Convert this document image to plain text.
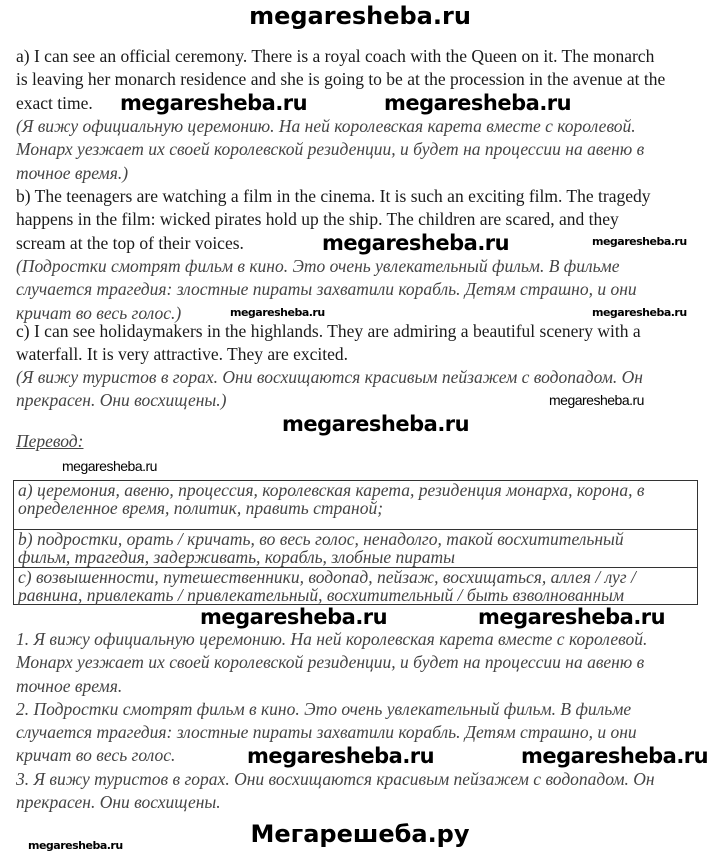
megaresheba.ru
a) I can see an official ceremony. There is a royal coach with the Queen on it. The monarch
is leaving her monarch residence and she is going to be at the procession in the avenue at the
exact time.
(Я вижу официальную церемонию. На ней королевская карета вместе с королевой.
Монарх уезжает их своей королевской резиденции, и будет на процессии на авеню в
точное время.)
b) The teenagers are watching a film in the cinema. It is such an exciting film. The tragedy
happens in the film: wicked pirates hold up the ship. The children are scared, and they
scream at the top of their voices.
(Подростки смотрят фильм в кино. Это очень увлекательный фильм. В фильме
случается трагедия: злостные пираты захватили корабль. Детям страшно, и они
кричат во весь голос.)
c) I can see holidaymakers in the highlands. They are admiring a beautiful scenery with a
waterfall. It is very attractive. They are excited.
(Я вижу туристов в горах. Они восхищаются красивым пейзажем с водопадом. Он
прекрасен. Они восхищены.)
Перевод:
а) церемония, авеню, процессия, королевская карета, резиденция монарха, корона, в
определенное время, политик, править страной;

b) подростки, орать / кричать, во весь голос, ненадолго, такой восхитительный
фильм, трагедия, задерживать, корабль, злобные пираты

с) возвышенности, путешественники, водопад, пейзаж, восхищаться, аллея / луг /
равнина, привлекать / привлекательный, восхитительный / быть взволнованным
1. Я вижу официальную церемонию. На ней королевская карета вместе с королевой.
Монарх уезжает их своей королевской резиденции, и будет на процессии на авеню в
точное время.
2. Подростки смотрят фильм в кино. Это очень увлекательный фильм. В фильме
случается трагедия: злостные пираты захватили корабль. Детям страшно, и они
кричат во весь голос.
3. Я вижу туристов в горах. Они восхищаются красивым пейзажем с водопадом. Он
прекрасен. Они восхищены.
megaresheba.ru	megaresheba.ru
megaresheba.ru	megaresheba.ru
megaresheba.ru	megaresheba.ru
megaresheba.ru
megaresheba.ru
megaresheba.ru
megaresheba.ru	megaresheba.ru
megaresheba.ru	megaresheba.ru
megaresheba.ru	Мегарешеба.ру
